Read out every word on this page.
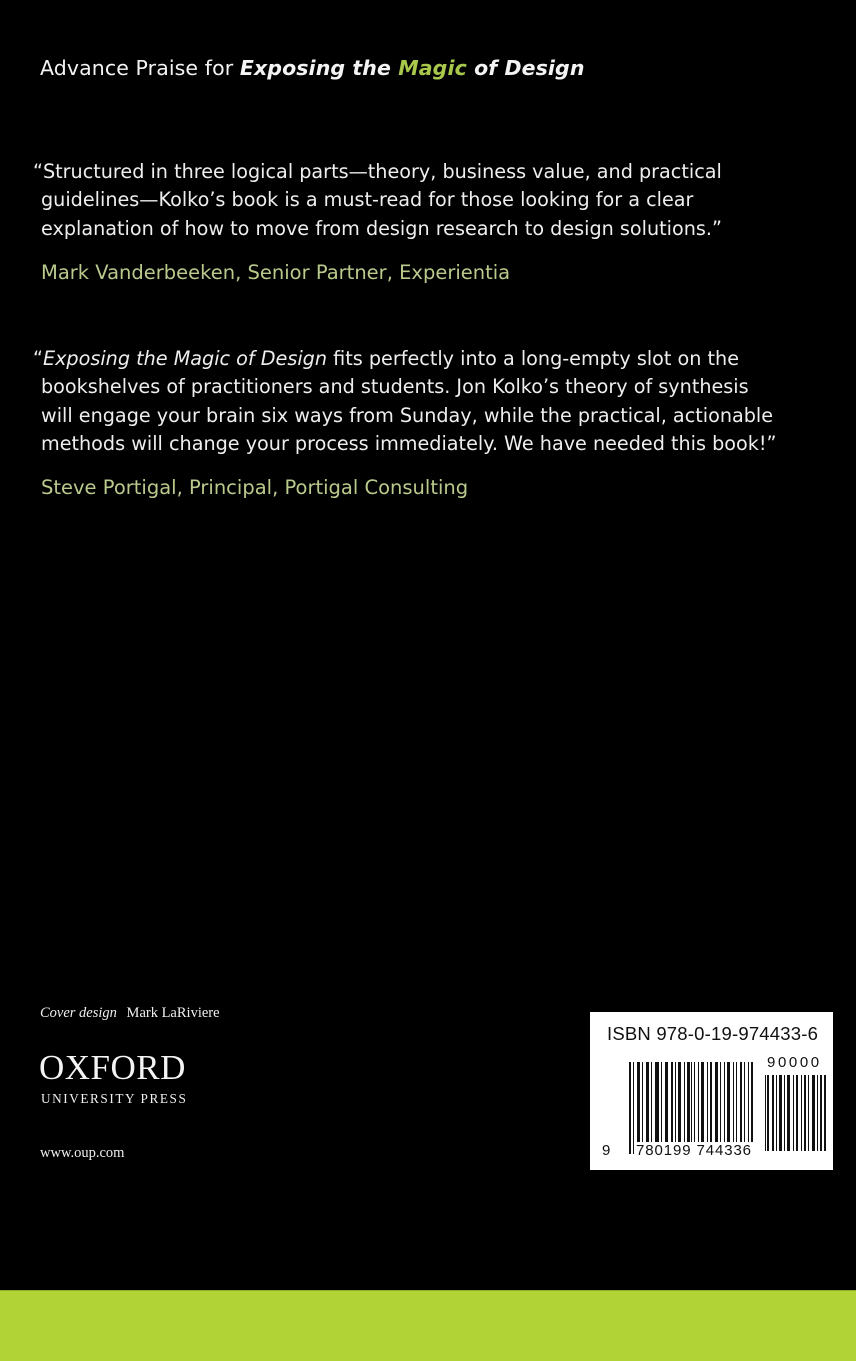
Advance Praise for Exposing the Magic of Design
“Structured in three logical parts—theory, business value, and practical
guidelines—Kolko’s book is a must-read for those looking for a clear
explanation of how to move from design research to design solutions.”
Mark Vanderbeeken, Senior Partner, Experientia
“Exposing the Magic of Design fits perfectly into a long-empty slot on the
bookshelves of practitioners and students. Jon Kolko’s theory of synthesis
will engage your brain six ways from Sunday, while the practical, actionable
methods will change your process immediately. We have needed this book!”
Steve Portigal, Principal, Portigal Consulting
Cover design Mark LaRiviere
OXFORD
UNIVERSITY PRESS
www.oup.com
ISBN 978-0-19-974433-6
90000
9 780199 744336
